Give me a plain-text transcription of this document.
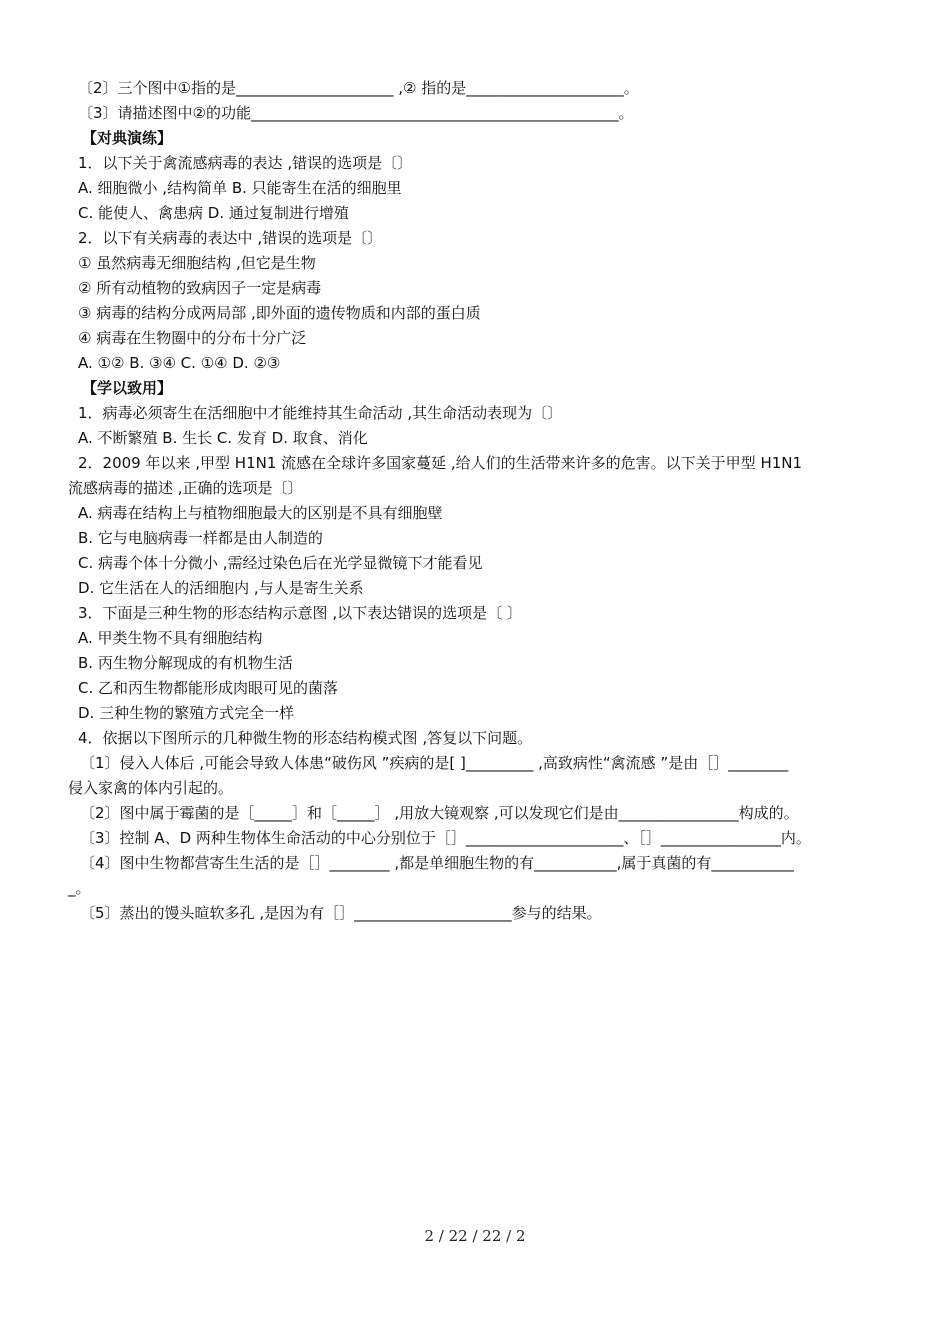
〔2〕三个图中①指的是_____________________ ,② 指的是_____________________。
〔3〕请描述图中②的功能_________________________________________________。
【对典演练】
1．以下关于禽流感病毒的表达 ,错误的选项是〔〕
A. 细胞微小 ,结构简单 B. 只能寄生在活的细胞里
C. 能使人、禽患病 D. 通过复制进行增殖
2．以下有关病毒的表达中 ,错误的选项是〔〕
① 虽然病毒无细胞结构 ,但它是生物
② 所有动植物的致病因子一定是病毒
③ 病毒的结构分成两局部 ,即外面的遗传物质和内部的蛋白质
④ 病毒在生物圈中的分布十分广泛
A. ①② B. ③④ C. ①④ D. ②③
【学以致用】
1．病毒必须寄生在活细胞中才能维持其生命活动 ,其生命活动表现为〔〕
A. 不断繁殖 B. 生长 C. 发育 D. 取食、消化
2．2009 年以来 ,甲型 H1N1 流感在全球许多国家蔓延 ,给人们的生活带来许多的危害。以下关于甲型 H1N1
流感病毒的描述 ,正确的选项是〔〕
A. 病毒在结构上与植物细胞最大的区别是不具有细胞壁
B. 它与电脑病毒一样都是由人制造的
C. 病毒个体十分微小 ,需经过染色后在光学显微镜下才能看见
D. 它生活在人的活细胞内 ,与人是寄生关系
3．下面是三种生物的形态结构示意图 ,以下表达错误的选项是〔 〕
A. 甲类生物不具有细胞结构
B. 丙生物分解现成的有机物生活
C. 乙和丙生物都能形成肉眼可见的菌落
D. 三种生物的繁殖方式完全一样
4．依据以下图所示的几种微生物的形态结构模式图 ,答复以下问题。
〔1〕侵入人体后 ,可能会导致人体患“破伤风 ”疾病的是[ ]_________ ,高致病性“禽流感 ”是由［］________
侵入家禽的体内引起的。
〔2〕图中属于霉菌的是［_____］和［_____］ ,用放大镜观察 ,可以发现它们是由________________构成的。
〔3〕控制 A、D 两种生物体生命活动的中心分别位于［］_____________________、［］________________内。
〔4〕图中生物都营寄生生活的是［］________ ,都是单细胞生物的有___________,属于真菌的有___________
_。
〔5〕蒸出的馒头暄软多孔 ,是因为有［］_____________________参与的结果。
2 / 22 / 22 / 2
